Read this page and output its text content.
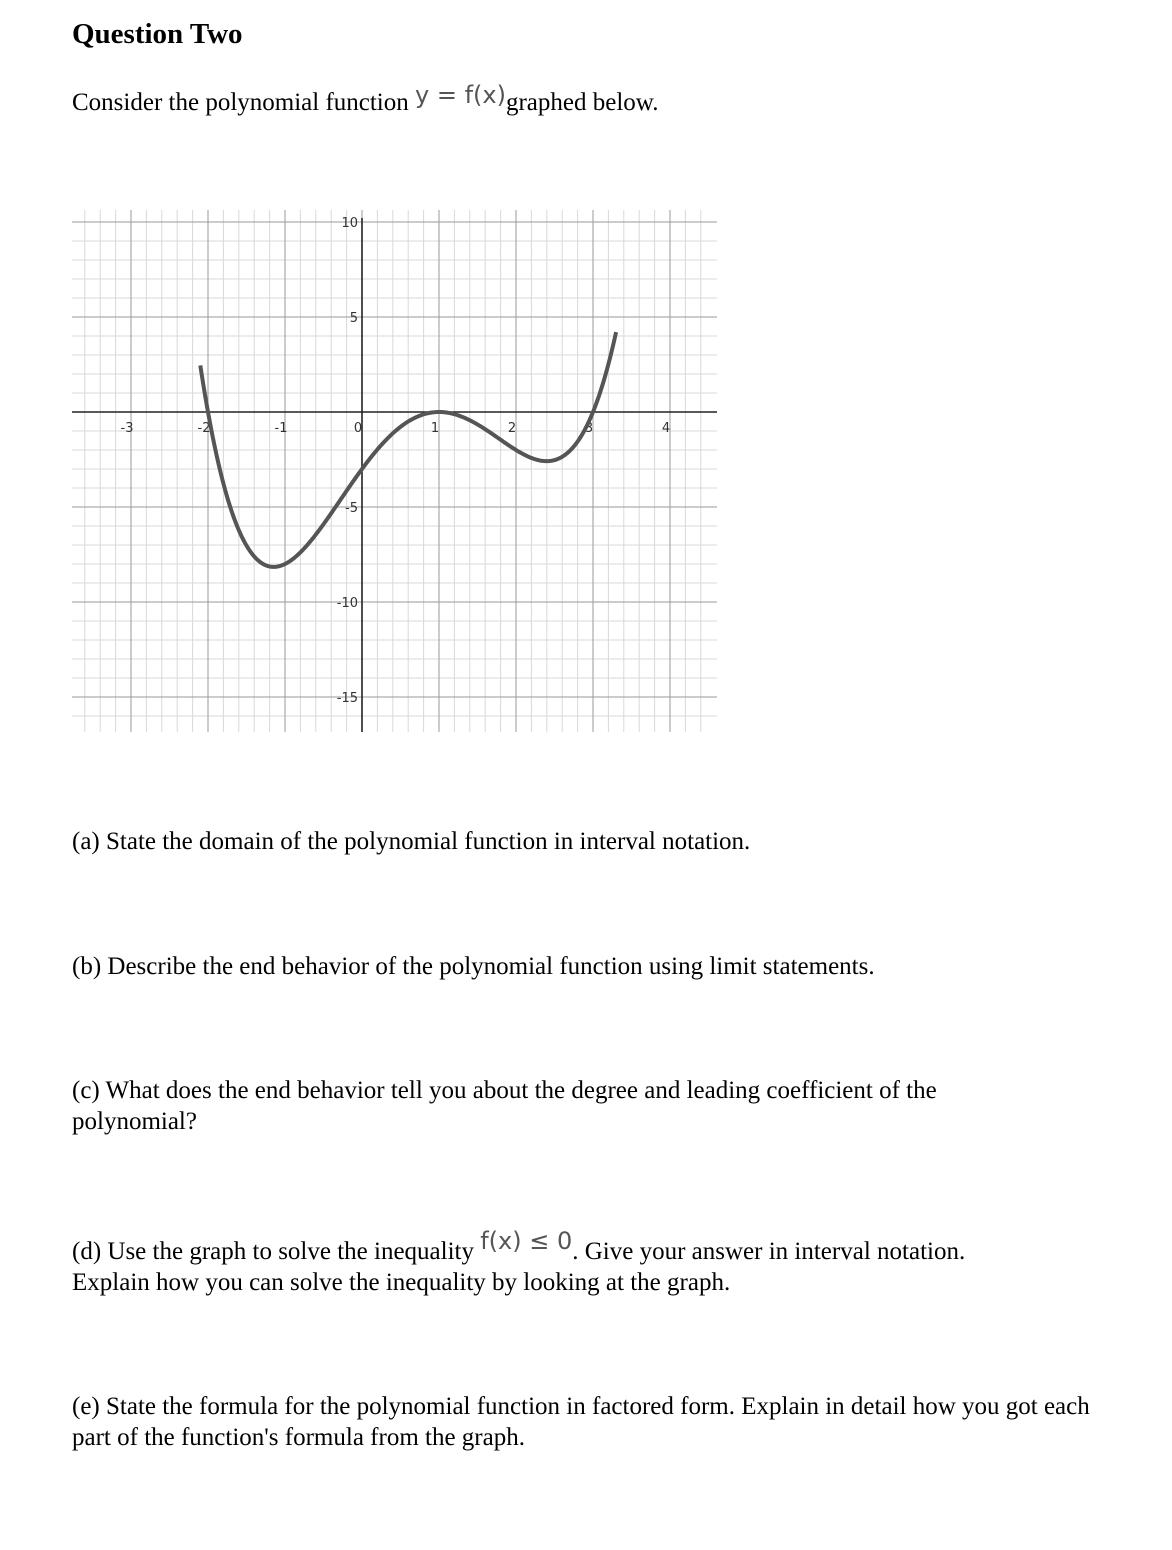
Question Two
Consider the polynomial function y = f(x)graphed below.
-3	-2	-1	0	1	2	3	4
10
5
-5
-10
-15
(a) State the domain of the polynomial function in interval notation.
(b) Describe the end behavior of the polynomial function using limit statements.
(c) What does the end behavior tell you about the degree and leading coefficient of the polynomial?
(d) Use the graph to solve the inequality f(x) ≤ 0. Give your answer in interval notation. Explain how you can solve the inequality by looking at the graph.
(e) State the formula for the polynomial function in factored form. Explain in detail how you got each part of the function's formula from the graph.
